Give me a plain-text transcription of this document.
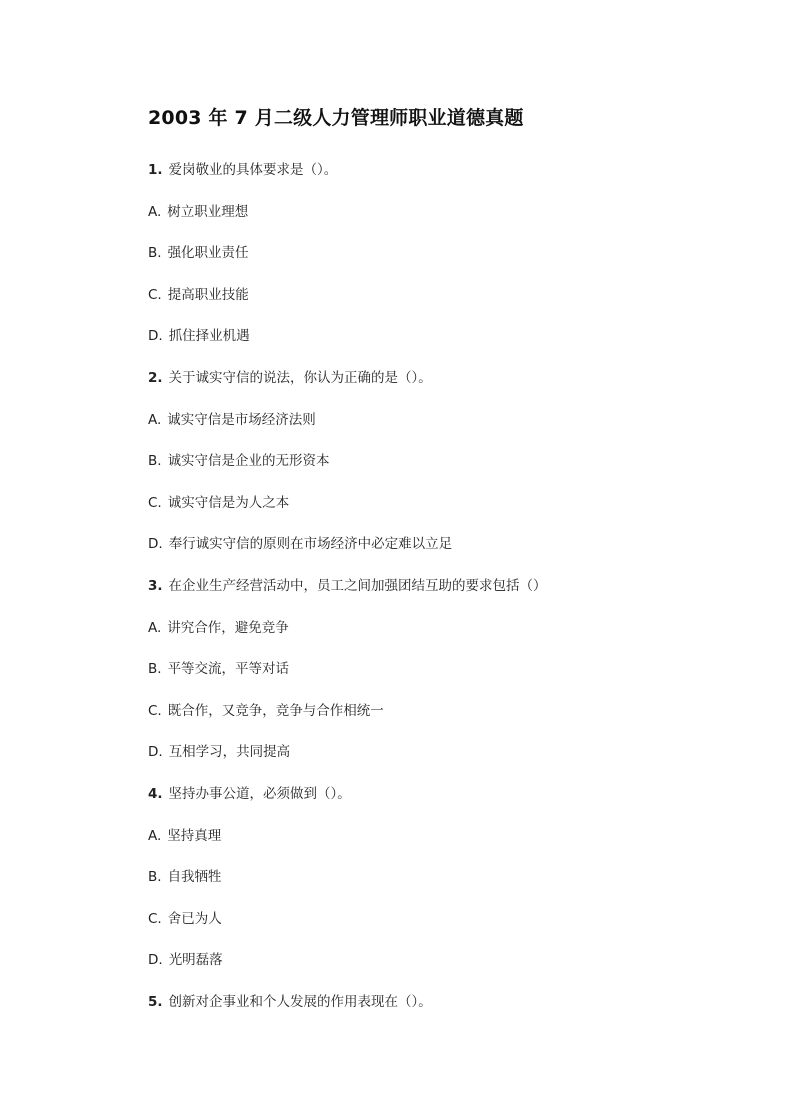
2003 年 7 月二级人力管理师职业道德真题
1. 爱岗敬业的具体要求是（）。
A. 树立职业理想
B. 强化职业责任
C. 提高职业技能
D. 抓住择业机遇
2. 关于诚实守信的说法，你认为正确的是（）。
A. 诚实守信是市场经济法则
B. 诚实守信是企业的无形资本
C. 诚实守信是为人之本
D. 奉行诚实守信的原则在市场经济中必定难以立足
3. 在企业生产经营活动中，员工之间加强团结互助的要求包括（）
A. 讲究合作，避免竞争
B. 平等交流，平等对话
C. 既合作，又竞争，竞争与合作相统一
D. 互相学习，共同提高
4. 坚持办事公道，必须做到（）。
A. 坚持真理
B. 自我牺牲
C. 舍已为人
D. 光明磊落
5. 创新对企事业和个人发展的作用表现在（）。
